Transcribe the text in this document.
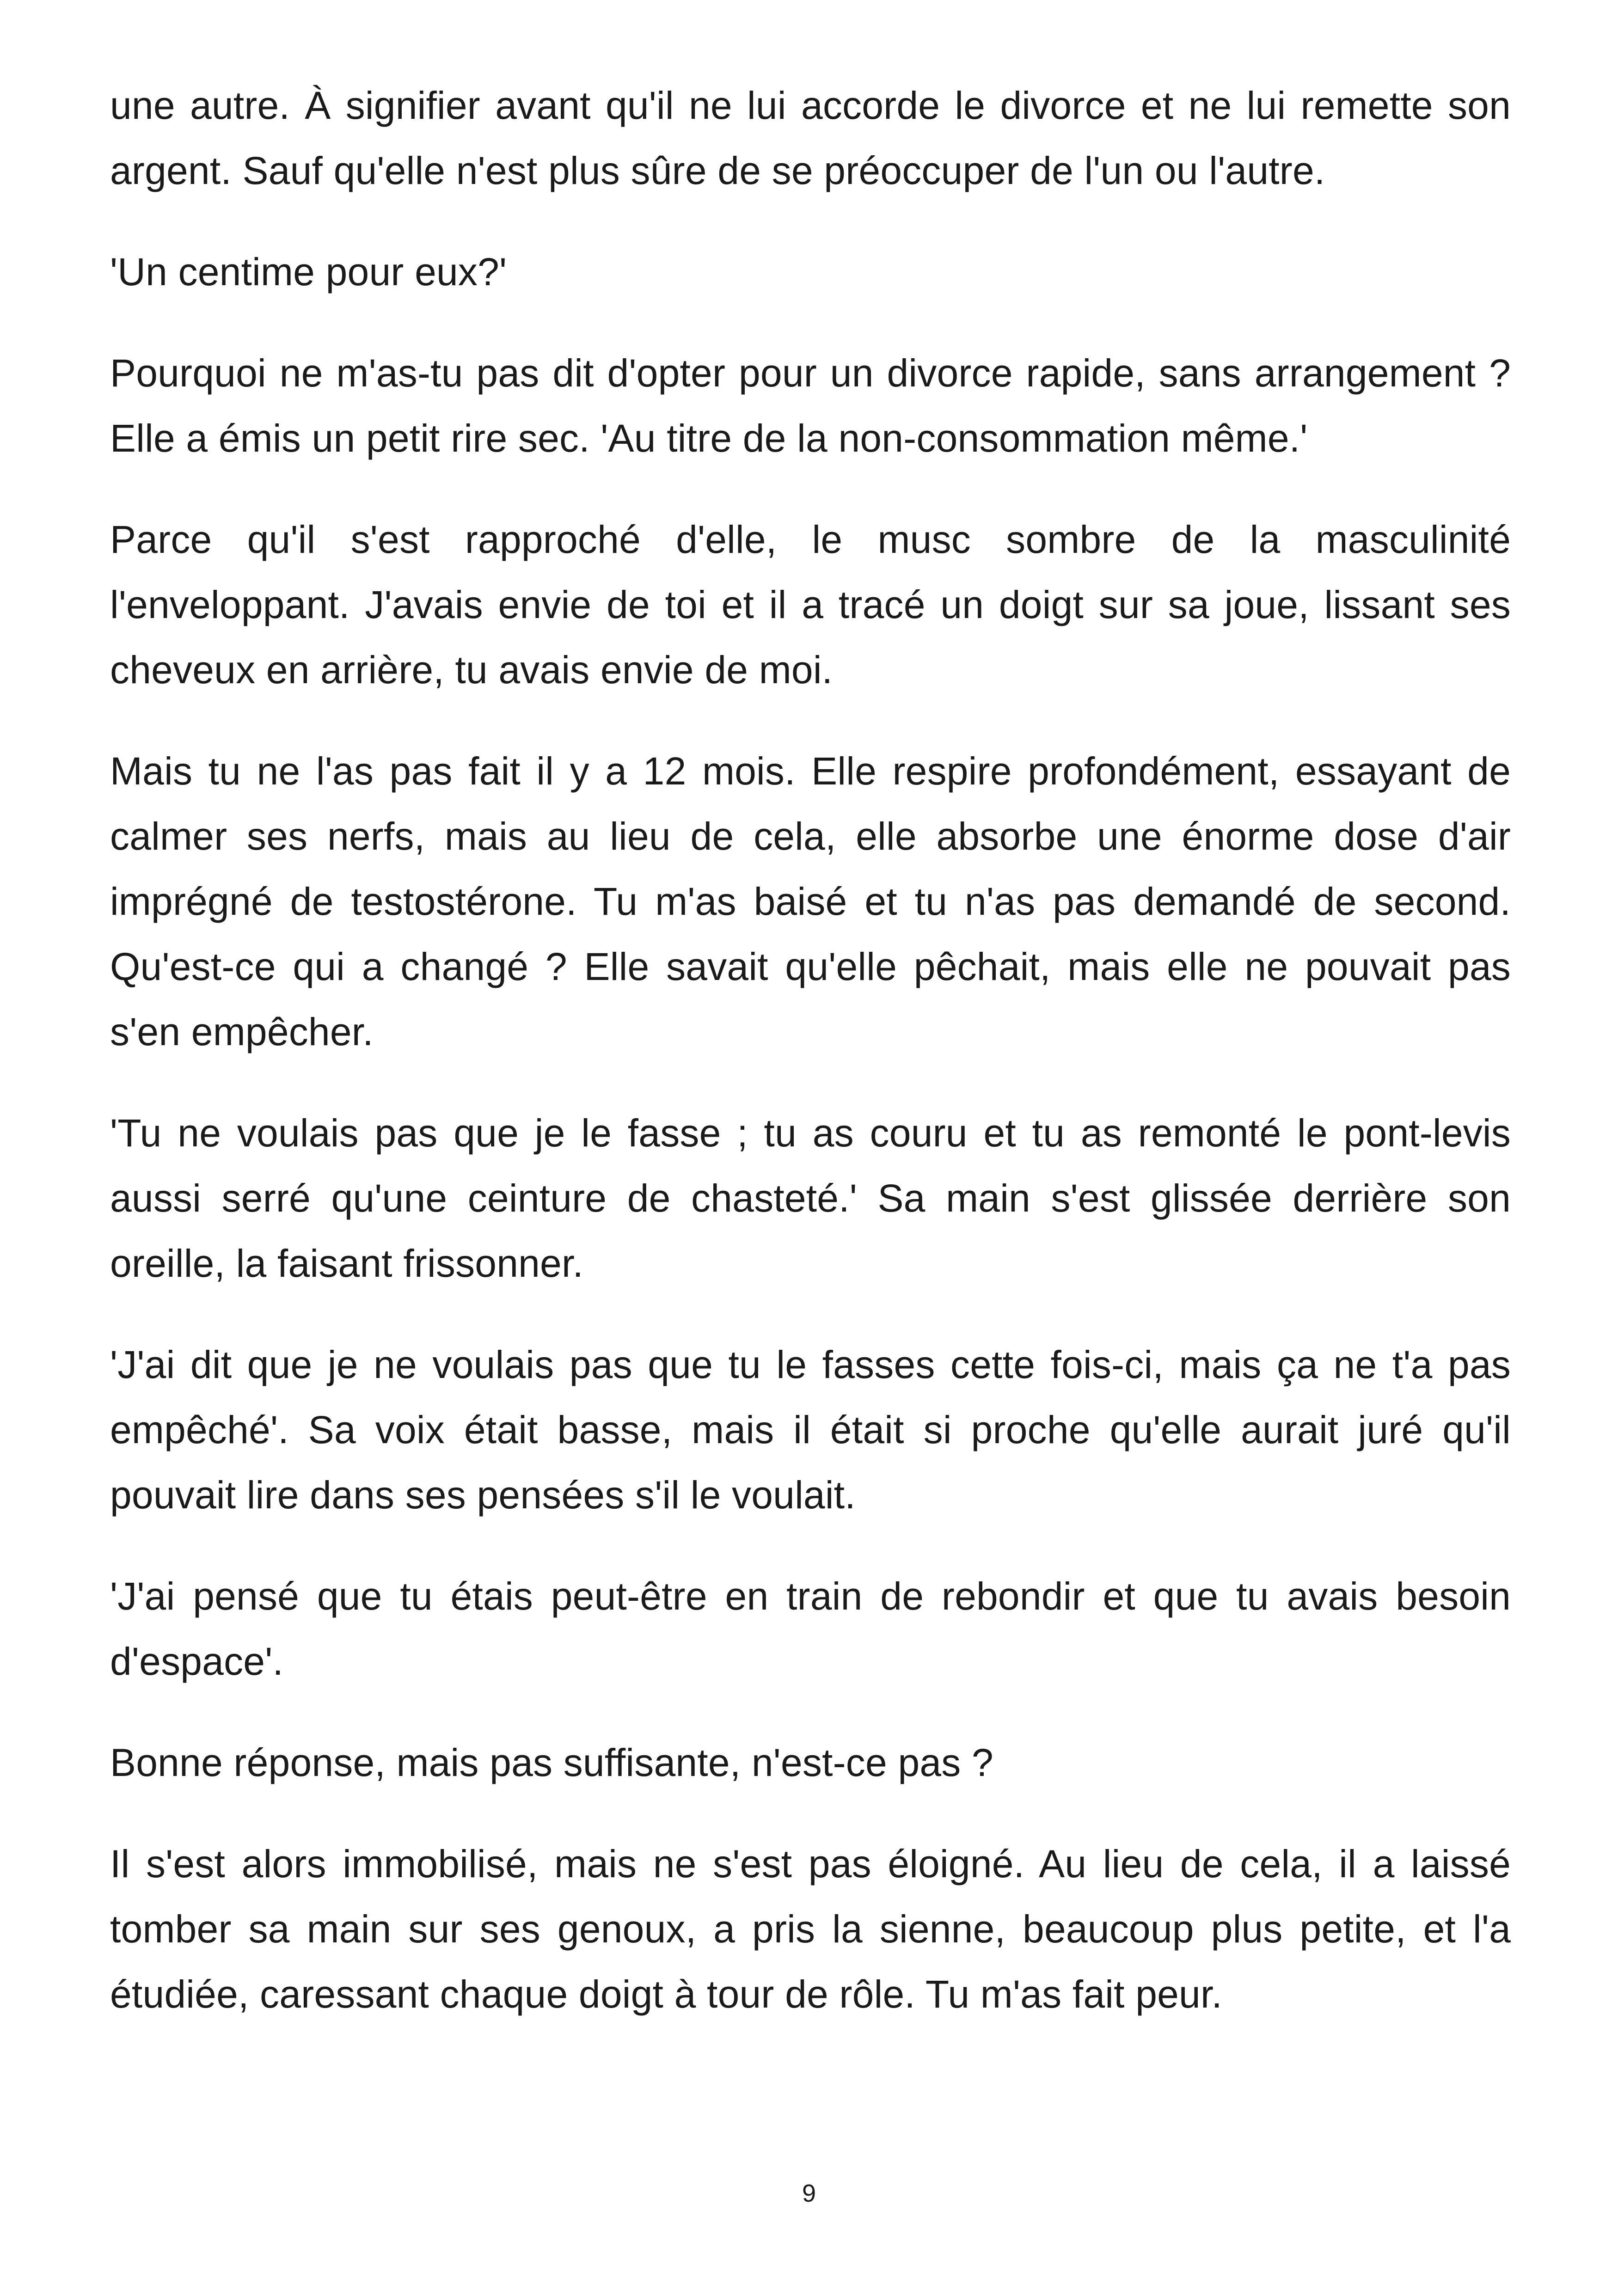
une autre. À signifier avant qu'il ne lui accorde le divorce et ne lui remette son argent. Sauf qu'elle n'est plus sûre de se préoccuper de l'un ou l'autre.

'Un centime pour eux?'

Pourquoi ne m'as-tu pas dit d'opter pour un divorce rapide, sans arrangement ? Elle a émis un petit rire sec. 'Au titre de la non-consommation même.'

Parce qu'il s'est rapproché d'elle, le musc sombre de la masculinité l'enveloppant. J'avais envie de toi et il a tracé un doigt sur sa joue, lissant ses cheveux en arrière, tu avais envie de moi.

Mais tu ne l'as pas fait il y a 12 mois. Elle respire profondément, essayant de calmer ses nerfs, mais au lieu de cela, elle absorbe une énorme dose d'air imprégné de testostérone. Tu m'as baisé et tu n'as pas demandé de second. Qu'est-ce qui a changé ? Elle savait qu'elle pêchait, mais elle ne pouvait pas s'en empêcher.

'Tu ne voulais pas que je le fasse ; tu as couru et tu as remonté le pont-levis aussi serré qu'une ceinture de chasteté.' Sa main s'est glissée derrière son oreille, la faisant frissonner.

'J'ai dit que je ne voulais pas que tu le fasses cette fois-ci, mais ça ne t'a pas empêché'. Sa voix était basse, mais il était si proche qu'elle aurait juré qu'il pouvait lire dans ses pensées s'il le voulait.

'J'ai pensé que tu étais peut-être en train de rebondir et que tu avais besoin d'espace'.

Bonne réponse, mais pas suffisante, n'est-ce pas ?

Il s'est alors immobilisé, mais ne s'est pas éloigné. Au lieu de cela, il a laissé tomber sa main sur ses genoux, a pris la sienne, beaucoup plus petite, et l'a étudiée, caressant chaque doigt à tour de rôle. Tu m'as fait peur.

9
